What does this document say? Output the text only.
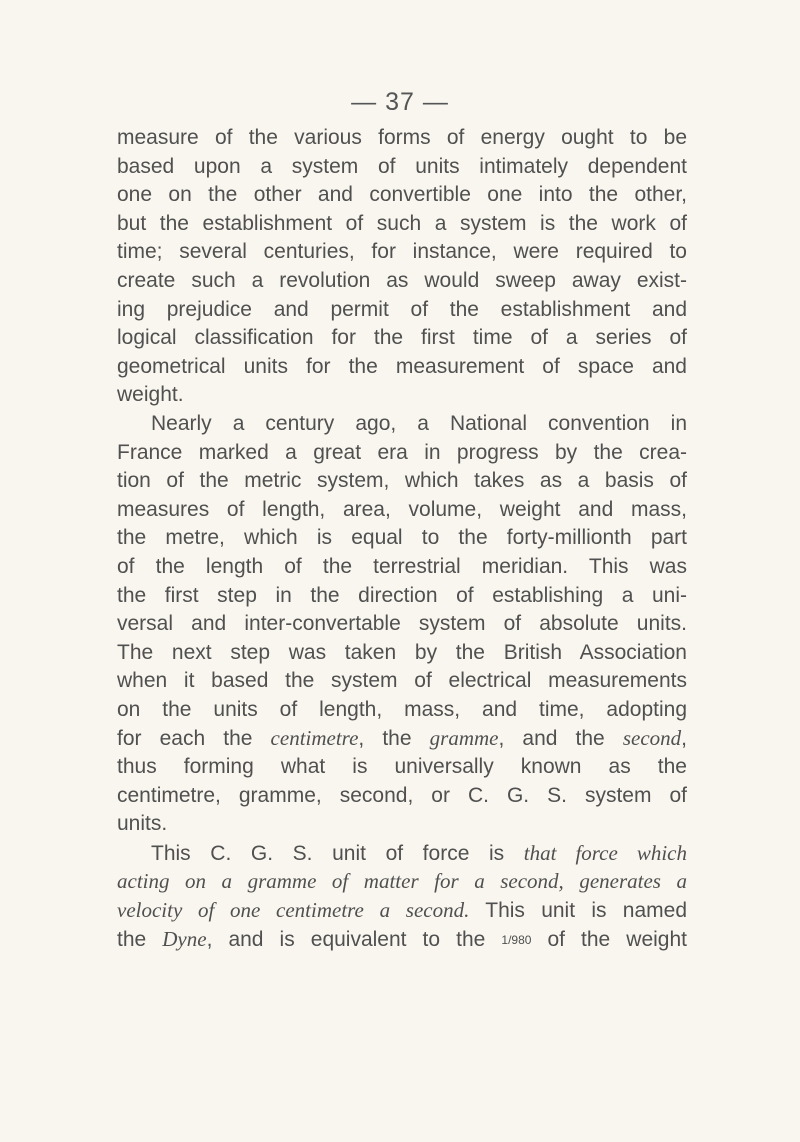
— 37 —
measure of the various forms of energy ought to be
based upon a system of units intimately dependent
one on the other and convertible one into the other,
but the establishment of such a system is the work of
time; several centuries, for instance, were required to
create such a revolution as would sweep away exist-
ing prejudice and permit of the establishment and
logical classification for the first time of a series of
geometrical units for the measurement of space and
weight.
Nearly a century ago, a National convention in
France marked a great era in progress by the crea-
tion of the metric system, which takes as a basis of
measures of length, area, volume, weight and mass,
the metre, which is equal to the forty-millionth part
of the length of the terrestrial meridian. This was
the first step in the direction of establishing a uni-
versal and inter-convertable system of absolute units.
The next step was taken by the British Association
when it based the system of electrical measurements
on the units of length, mass, and time, adopting
for each the centimetre, the gramme, and the second,
thus forming what is universally known as the
centimetre, gramme, second, or C. G. S. system of
units.
This C. G. S. unit of force is that force which
acting on a gramme of matter for a second, generates a
velocity of one centimetre a second. This unit is named
the Dyne, and is equivalent to the 1/980 of the weight
